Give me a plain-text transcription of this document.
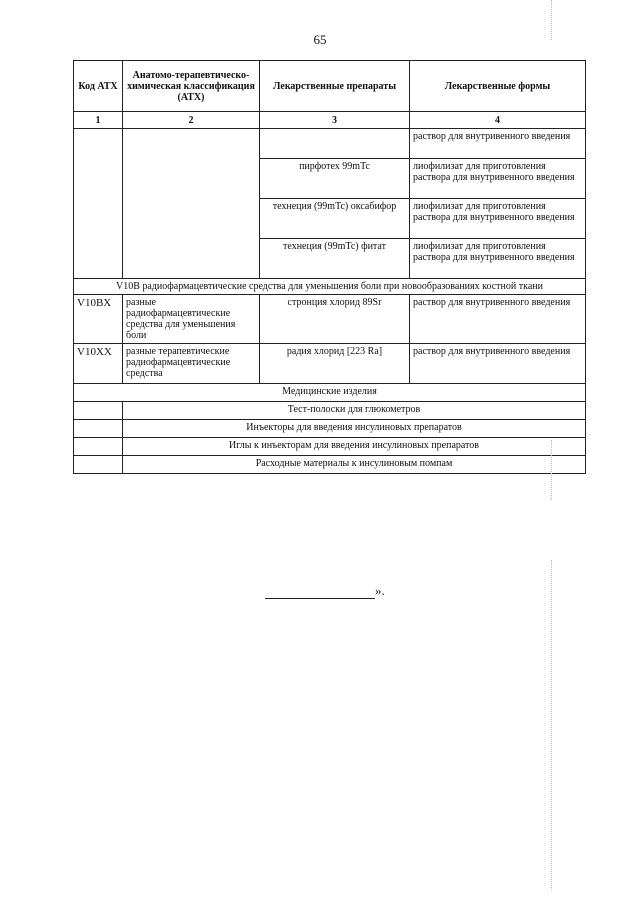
65
Код АТХ	Анатомо-терапевтическо-химическая классификация (АТХ)	Лекарственные препараты	Лекарственные формы
1	2	3	4
			раствор для внутривенного введения
		пирфотех 99mTc	лиофилизат для приготовления раствора для внутривенного введения
		технеция (99mTc) оксабифор	лиофилизат для приготовления раствора для внутривенного введения
		технеция (99mTc) фитат	лиофилизат для приготовления раствора для внутривенного введения
V10B радиофармацевтические средства для уменьшения боли при новообразованиях костной ткани			
V10BX	разные радиофармацевтические средства для уменьшения боли	стронция хлорид 89Sr	раствор для внутривенного введения
V10XX	разные терапевтические радиофармацевтические средства	радия хлорид [223 Ra]	раствор для внутривенного введения
Медицинские изделия			
	Тест-полоски для глюкометров		
	Инъекторы для введения инсулиновых препаратов		
	Иглы к инъекторам для введения инсулиновых препаратов		
	Расходные материалы к инсулиновым помпам		
».
